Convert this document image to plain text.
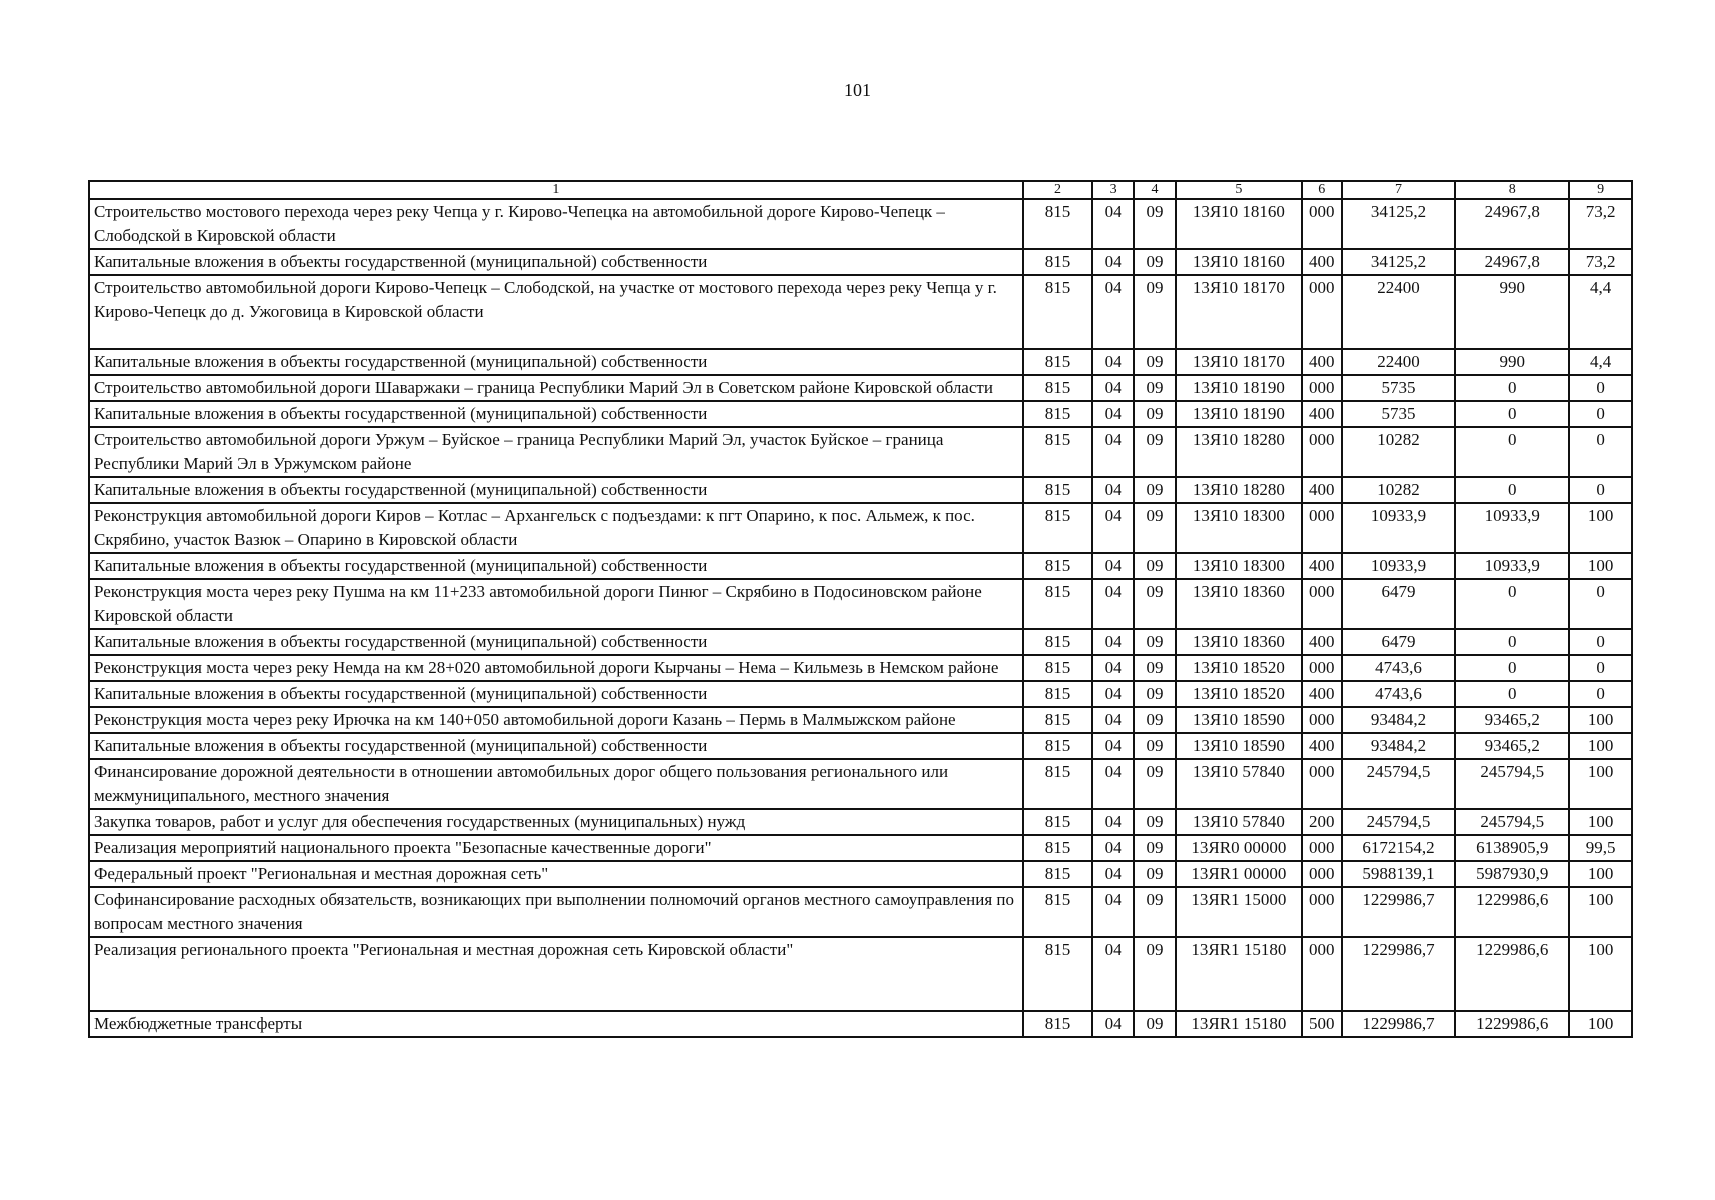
101
1	2	3	4	5	6	7	8	9
Строительство мостового перехода через реку Чепца у г. Кирово-Чепецка на автомобильной дороге Кирово-Чепецк – Слободской в Кировской области	815	04	09	13Я10 18160	000	34125,2	24967,8	73,2
Капитальные вложения в объекты государственной (муниципальной) собственности	815	04	09	13Я10 18160	400	34125,2	24967,8	73,2
Строительство автомобильной дороги Кирово-Чепецк – Слободской, на участке от мостового перехода через реку Чепца у г. Кирово-Чепецк до д. Ужоговица в Кировской области	815	04	09	13Я10 18170	000	22400	990	4,4
Капитальные вложения в объекты государственной (муниципальной) собственности	815	04	09	13Я10 18170	400	22400	990	4,4
Строительство автомобильной дороги Шаваржаки – граница Республики Марий Эл в Советском районе Кировской области	815	04	09	13Я10 18190	000	5735	0	0
Капитальные вложения в объекты государственной (муниципальной) собственности	815	04	09	13Я10 18190	400	5735	0	0
Строительство автомобильной дороги Уржум – Буйское – граница Республики Марий Эл, участок Буйское – граница Республики Марий Эл в Уржумском районе	815	04	09	13Я10 18280	000	10282	0	0
Капитальные вложения в объекты государственной (муниципальной) собственности	815	04	09	13Я10 18280	400	10282	0	0
Реконструкция автомобильной дороги Киров – Котлас – Архангельск с подъездами: к пгт Опарино, к пос. Альмеж, к пос. Скрябино, участок Вазюк – Опарино в Кировской области	815	04	09	13Я10 18300	000	10933,9	10933,9	100
Капитальные вложения в объекты государственной (муниципальной) собственности	815	04	09	13Я10 18300	400	10933,9	10933,9	100
Реконструкция моста через реку Пушма на км 11+233 автомобильной дороги Пинюг – Скрябино в Подосиновском районе Кировской области	815	04	09	13Я10 18360	000	6479	0	0
Капитальные вложения в объекты государственной (муниципальной) собственности	815	04	09	13Я10 18360	400	6479	0	0
Реконструкция моста через реку Немда на км 28+020 автомобильной дороги Кырчаны – Нема – Кильмезь в Немском районе	815	04	09	13Я10 18520	000	4743,6	0	0
Капитальные вложения в объекты государственной (муниципальной) собственности	815	04	09	13Я10 18520	400	4743,6	0	0
Реконструкция моста через реку Ирючка на км 140+050 автомобильной дороги Казань – Пермь в Малмыжском районе	815	04	09	13Я10 18590	000	93484,2	93465,2	100
Капитальные вложения в объекты государственной (муниципальной) собственности	815	04	09	13Я10 18590	400	93484,2	93465,2	100
Финансирование дорожной деятельности в отношении автомобильных дорог общего пользования регионального или межмуниципального, местного значения	815	04	09	13Я10 57840	000	245794,5	245794,5	100
Закупка товаров, работ и услуг для обеспечения государственных (муниципальных) нужд	815	04	09	13Я10 57840	200	245794,5	245794,5	100
Реализация мероприятий национального проекта "Безопасные качественные дороги"	815	04	09	13ЯR0 00000	000	6172154,2	6138905,9	99,5
Федеральный проект "Региональная и местная дорожная сеть"	815	04	09	13ЯR1 00000	000	5988139,1	5987930,9	100
Софинансирование расходных обязательств, возникающих при выполнении полномочий органов местного самоуправления по вопросам местного значения	815	04	09	13ЯR1 15000	000	1229986,7	1229986,6	100
Реализация регионального проекта "Региональная и местная дорожная сеть Кировской области"	815	04	09	13ЯR1 15180	000	1229986,7	1229986,6	100
Межбюджетные трансферты	815	04	09	13ЯR1 15180	500	1229986,7	1229986,6	100
